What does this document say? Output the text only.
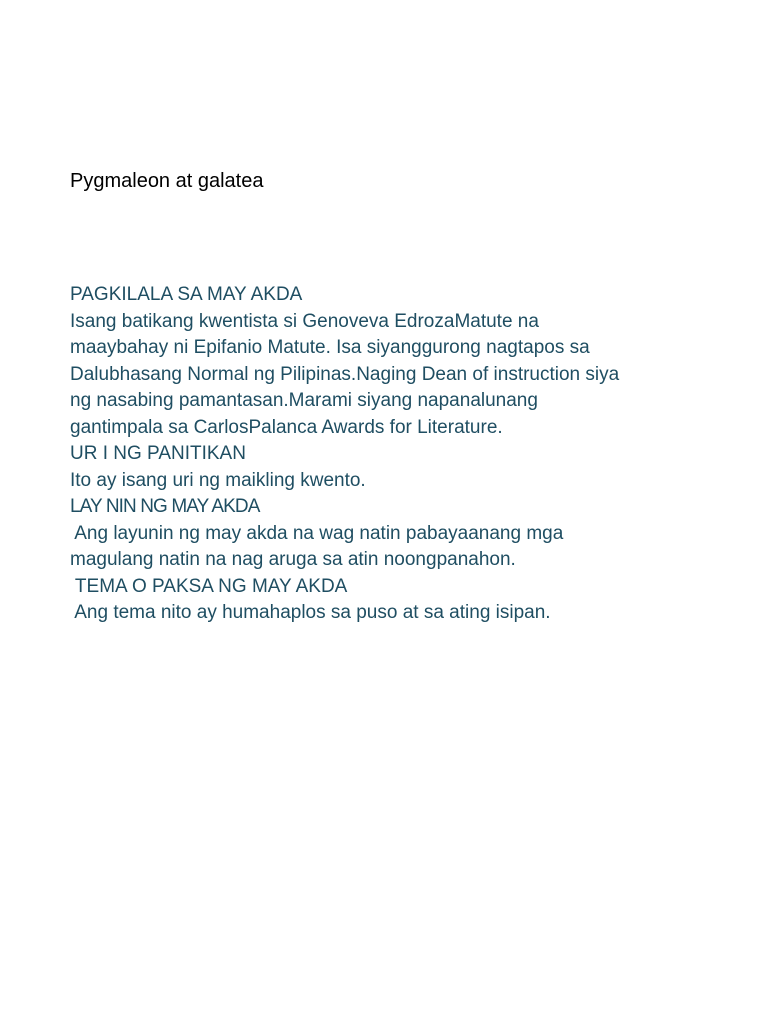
Pygmaleon at galatea
PAGKILALA SA MAY AKDA
Isang batikang kwentista si Genoveva EdrozaMatute na
maaybahay ni Epifanio Matute. Isa siyanggurong nagtapos sa
Dalubhasang Normal ng Pilipinas.Naging Dean of instruction siya
ng nasabing pamantasan.Marami siyang napanalunang
gantimpala sa CarlosPalanca Awards for Literature.
UR I NG PANITIKAN
Ito ay isang uri ng maikling kwento.
LAY NIN NG MAY AKDA
Ang layunin ng may akda na wag natin pabayaanang mga
magulang natin na nag aruga sa atin noongpanahon.
TEMA O PAKSA NG MAY AKDA
Ang tema nito ay humahaplos sa puso at sa ating isipan.
